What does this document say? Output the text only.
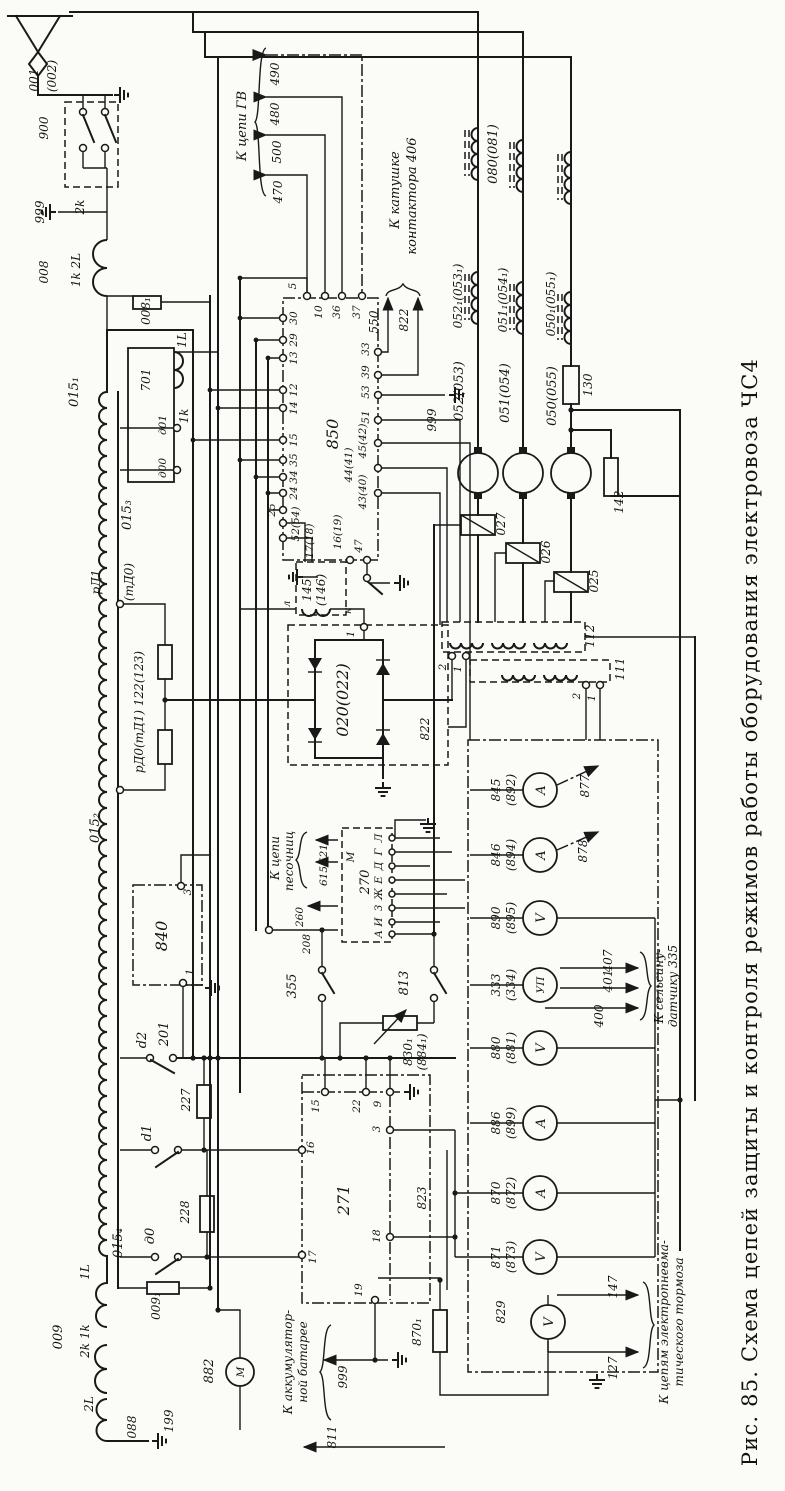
М
А
845 (892)
А
846 (894)
V
890 (895)
УП
333 (334)
V
880 (881)
А
886 (899)
А
870 (872)
V
871 (873)
V
829
001 (002)
900
999 2k
008 1k 2L
008₁
1L
701
1k
д01
д00
015₁
015₃
рД1 (тД0)
рД0(тД1) 122(123)
015₂
015₄
К цепи ГВ
490
480
500
470	К катушке контактора 406
550 822
850
5
10 36 37
30
29
13
12
14
15
35
34
24
25 52(54) 17(18)
33
39
53
51
45(42)
44(41)
43(40)
16(19) 47
999
145 (146)
л
к
1
020(022)	822
080(081)
052₁(053₁)	051₁(054₁)	050₁(055₁)
052(053) 051(054) 050(055) 130
142
027
026
025
112
111
2 1
2 1
877
878
407
401
400	К сельсину- датчику 335
К цепи песочниц 521
615
260
208
270
М
Л
Г
Д
Е
Ж
З
И
А
355	813
830₁ (884₁)
840
3
1
d2 201
227
d1
228
д0
009₁
1L
009 2k 1k
2L
088 199
882	К аккумулятор- ной батарее
811
999
271
15	22 9
16
17
3
18
19
823
870₁
147
127	К цепям электропневма- тического тормоза Рис. 85. Схема цепей защиты и контроля режимов работы оборудования электровоза ЧС4
